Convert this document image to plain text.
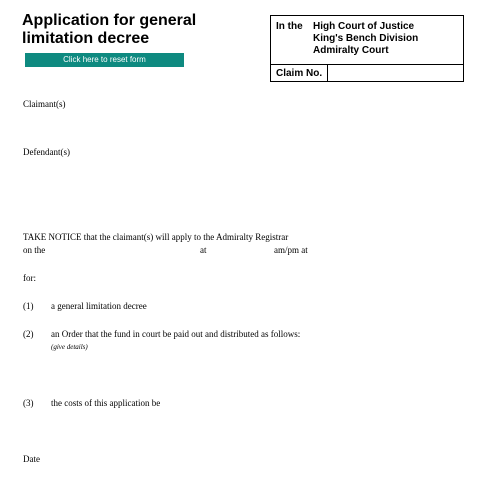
Application for general
limitation decree
Click here to reset form
In the High Court of Justice
King's Bench Division
Admiralty Court
Claim No.
Claimant(s)
Defendant(s)
TAKE NOTICE that the claimant(s) will apply to the Admiralty Registrar
on the	at	am/pm at
for:
(1) a general limitation decree
(2) an Order that the fund in court be paid out and distributed as follows:
(give details)
(3) the costs of this application be
Date
